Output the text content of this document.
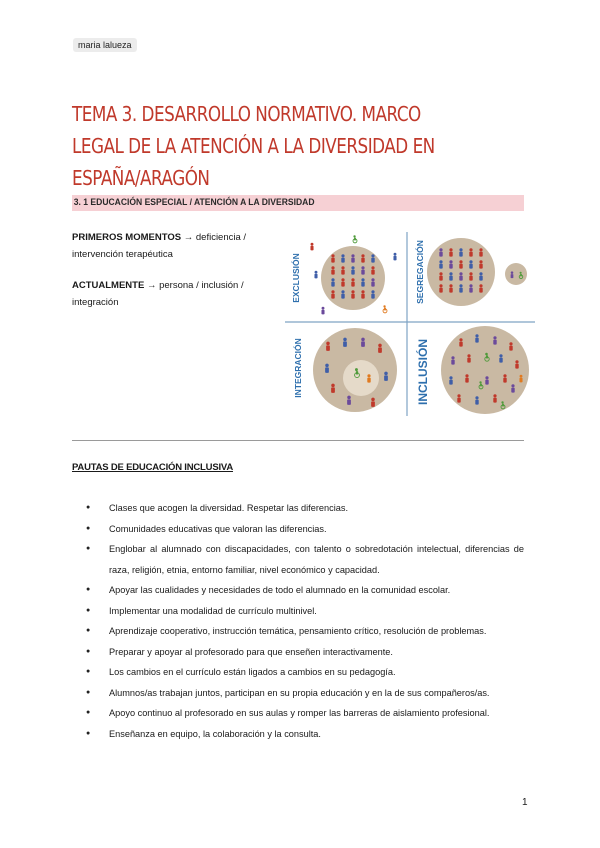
maria lalueza
TEMA 3. DESARROLLO NORMATIVO. MARCO LEGAL DE LA ATENCIÓN A LA DIVERSIDAD EN ESPAÑA/ARAGÓN
3. 1 EDUCACIÓN ESPECIAL / ATENCIÓN A LA DIVERSIDAD

PRIMEROS MOMENTOS → deficiencia / intervención terapéutica

ACTUALMENTE → persona / inclusión / integración	EXCLUSIÓN	SEGREGACIÓN
INTEGRACIÓN	INCLUSIÓN
PAUTAS DE EDUCACIÓN INCLUSIVA
● Clases que acogen la diversidad. Respetar las diferencias.
● Comunidades educativas que valoran las diferencias.
● Englobar al alumnado con discapacidades, con talento o sobredotación intelectual, diferencias de raza, religión, etnia, entorno familiar, nivel económico y capacidad.
● Apoyar las cualidades y necesidades de todo el alumnado en la comunidad escolar.
● Implementar una modalidad de currículo multinivel.
● Aprendizaje cooperativo, instrucción temática, pensamiento crítico, resolución de problemas.
● Preparar y apoyar al profesorado para que enseñen interactivamente.
● Los cambios en el currículo están ligados a cambios en su pedagogía.
● Alumnos/as trabajan juntos, participan en su propia educación y en la de sus compañeros/as.
● Apoyo continuo al profesorado en sus aulas y romper las barreras de aislamiento profesional.
● Enseñanza en equipo, la colaboración y la consulta.
1
